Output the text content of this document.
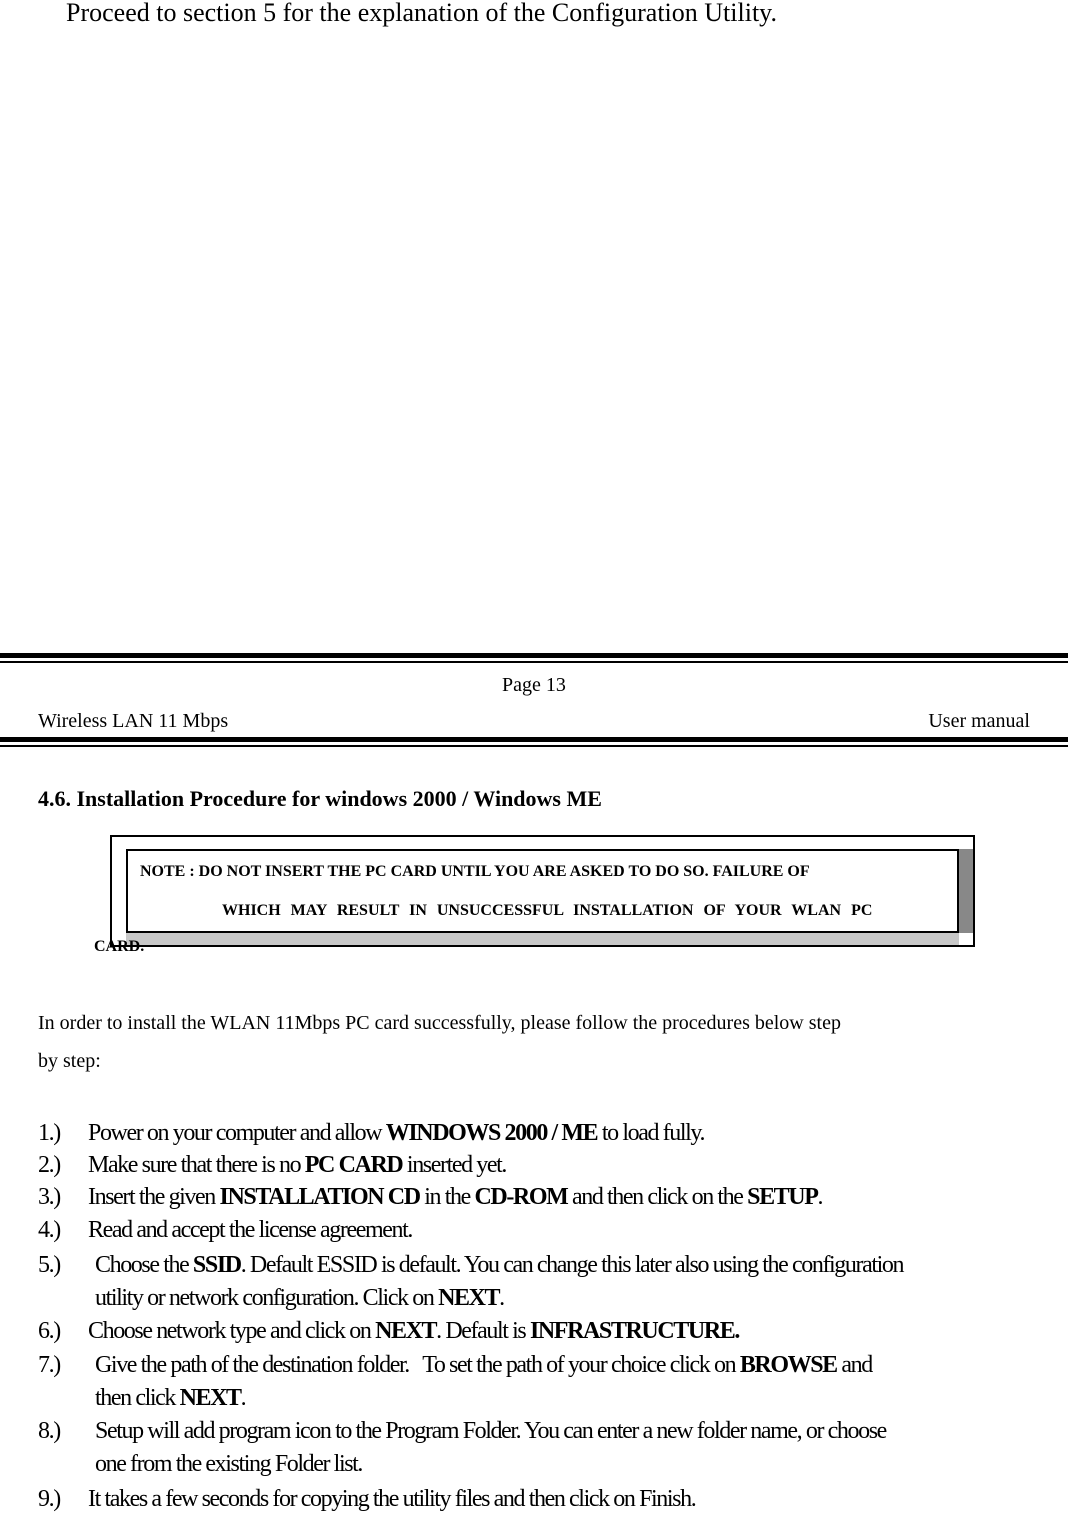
Proceed to section 5 for the explanation of the Configuration Utility.
Page 13
Wireless LAN 11 Mbps	User manual
4.6. Installation Procedure for windows 2000 / Windows ME
NOTE : DO NOT INSERT THE PC CARD UNTIL YOU ARE ASKED TO DO SO. FAILURE OF
WHICH MAY RESULT IN UNSUCCESSFUL INSTALLATION OF YOUR WLAN PC
CARD.
In order to install the WLAN 11Mbps PC card successfully, please follow the procedures below step
by step:
1.) Power on your computer and allow WINDOWS 2000 / ME to load fully.
2.) Make sure that there is no PC CARD inserted yet.
3.) Insert the given INSTALLATION CD in the CD-ROM and then click on the SETUP.
4.) Read and accept the license agreement.
5.) Choose the SSID. Default ESSID is default. You can change this later also using the configuration
utility or network configuration. Click on NEXT.
6.) Choose network type and click on NEXT. Default is INFRASTRUCTURE.
7.) Give the path of the destination folder.   To set the path of your choice click on BROWSE and
then click NEXT.
8.) Setup will add program icon to the Program Folder. You can enter a new folder name, or choose
one from the existing Folder list.
9.) It takes a few seconds for copying the utility files and then click on Finish.
